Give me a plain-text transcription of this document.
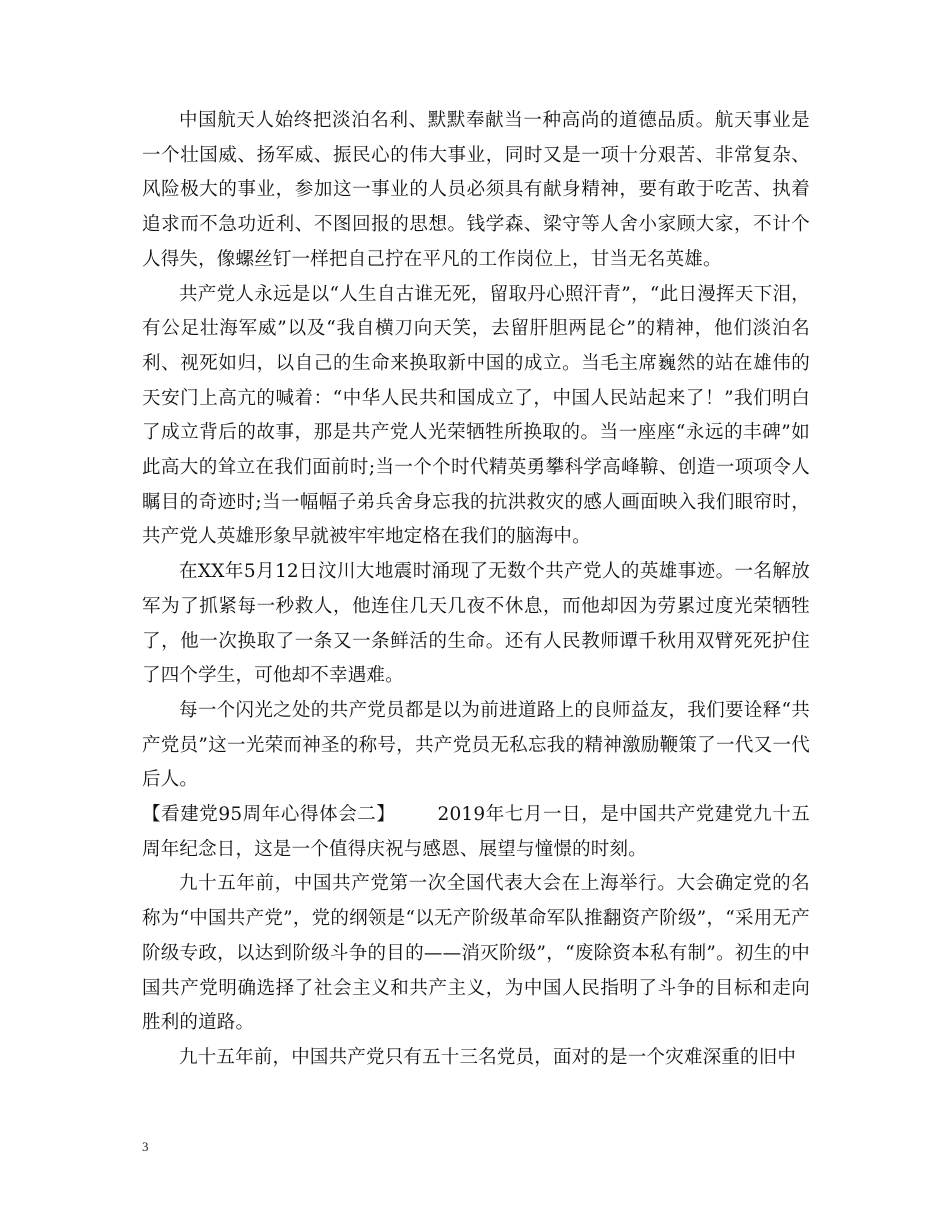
中国航天人始终把淡泊名利、默默奉献当一种高尚的道德品质。航天事业是一个壮国威、扬军威、振民心的伟大事业，同时又是一项十分艰苦、非常复杂、风险极大的事业，参加这一事业的人员必须具有献身精神，要有敢于吃苦、执着追求而不急功近利、不图回报的思想。钱学森、梁守等人舍小家顾大家，不计个人得失，像螺丝钉一样把自己拧在平凡的工作岗位上，甘当无名英雄。

共产党人永远是以“人生自古谁无死，留取丹心照汗青”，“此日漫挥天下泪，有公足壮海军威”以及“我自横刀向天笑，去留肝胆两昆仑”的精神，他们淡泊名利、视死如归，以自己的生命来换取新中国的成立。当毛主席巍然的站在雄伟的天安门上高亢的喊着：“中华人民共和国成立了，中国人民站起来了！”我们明白了成立背后的故事，那是共产党人光荣牺牲所换取的。当一座座“永远的丰碑”如此高大的耸立在我们面前时;当一个个时代精英勇攀科学高峰鞥、创造一项项令人瞩目的奇迹时;当一幅幅子弟兵舍身忘我的抗洪救灾的感人画面映入我们眼帘时，共产党人英雄形象早就被牢牢地定格在我们的脑海中。

在XX年5月12日汶川大地震时涌现了无数个共产党人的英雄事迹。一名解放军为了抓紧每一秒救人，他连住几天几夜不休息，而他却因为劳累过度光荣牺牲了，他一次换取了一条又一条鲜活的生命。还有人民教师谭千秋用双臂死死护住了四个学生，可他却不幸遇难。

每一个闪光之处的共产党员都是以为前进道路上的良师益友，我们要诠释“共产党员”这一光荣而神圣的称号，共产党员无私忘我的精神激励鞭策了一代又一代后人。

【看建党95周年心得体会二】 2019年七月一日，是中国共产党建党九十五周年纪念日，这是一个值得庆祝与感恩、展望与憧憬的时刻。

九十五年前，中国共产党第一次全国代表大会在上海举行。大会确定党的名称为“中国共产党”，党的纲领是“以无产阶级革命军队推翻资产阶级”，“采用无产阶级专政，以达到阶级斗争的目的——消灭阶级”，“废除资本私有制”。初生的中国共产党明确选择了社会主义和共产主义，为中国人民指明了斗争的目标和走向胜利的道路。

九十五年前，中国共产党只有五十三名党员，面对的是一个灾难深重的旧中

3
